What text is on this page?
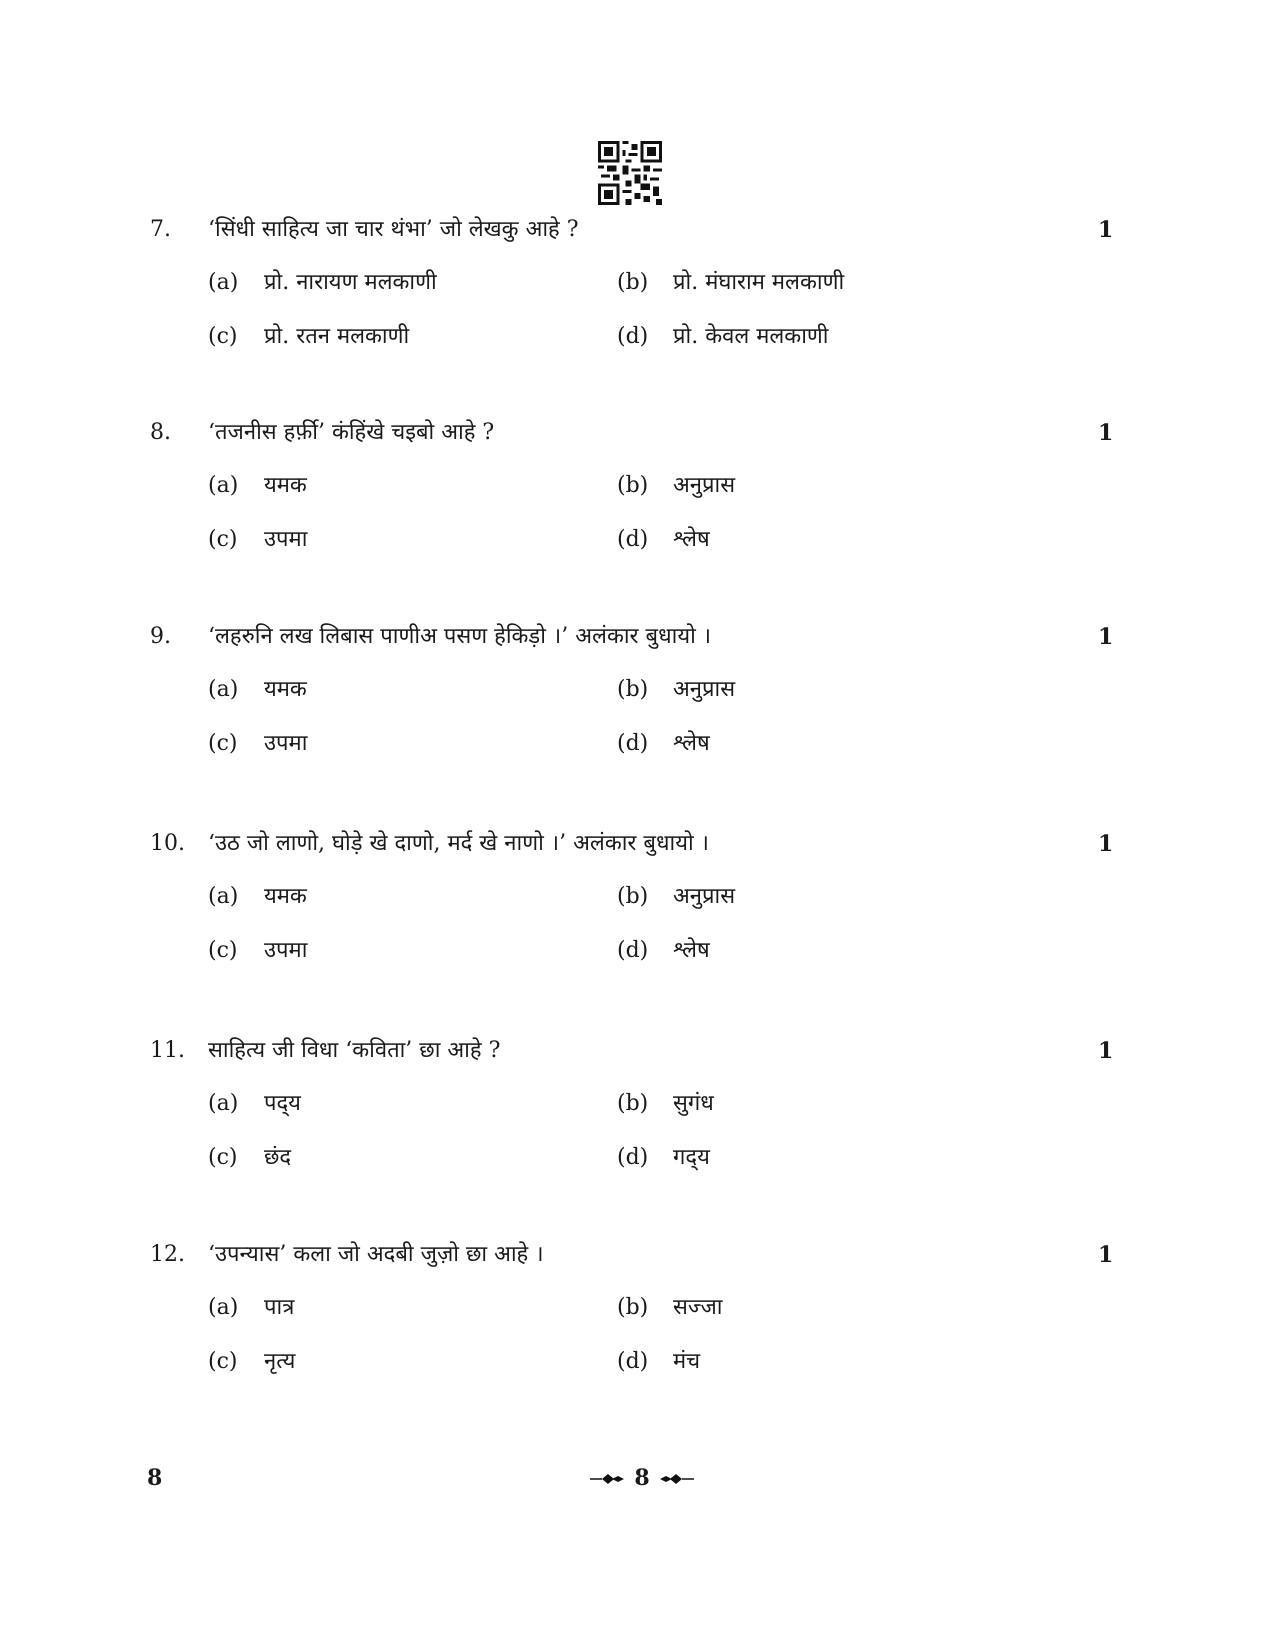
7. ‘सिंधी साहित्य जा चार थंभा’ जो लेखकु आहे ?	1
(a) प्रो. नारायण मलकाणी	(b) प्रो. मंघाराम मलकाणी
(c) प्रो. रतन मलकाणी	(d) प्रो. केवल मलकाणी
8. ‘तजनीस हर्फ़ी’ कंहिंखे चइबो आहे ?	1
(a) यमक	(b) अनुप्रास
(c) उपमा	(d) श्लेष
9. ‘लहरुनि लख लिबास पाणीअ पसण हेकिड़ो ।’ अलंकार बुधायो ।	1
(a) यमक	(b) अनुप्रास
(c) उपमा	(d) श्लेष
10. ‘उठ जो लाणो, घोड़े खे दाणो, मर्द खे नाणो ।’ अलंकार बुधायो ।	1
(a) यमक	(b) अनुप्रास
(c) उपमा	(d) श्लेष
11. साहित्य जी विधा ‘कविता’ छा आहे ?	1
(a) पद्‌य	(b) सुगंध
(c) छंद	(d) गद्‌य
12. ‘उपन्यास’ कला जो अदबी जुज़ो छा आहे ।	1
(a) पात्र	(b) सज्जा
(c) नृत्य	(d) मंच
8	8
